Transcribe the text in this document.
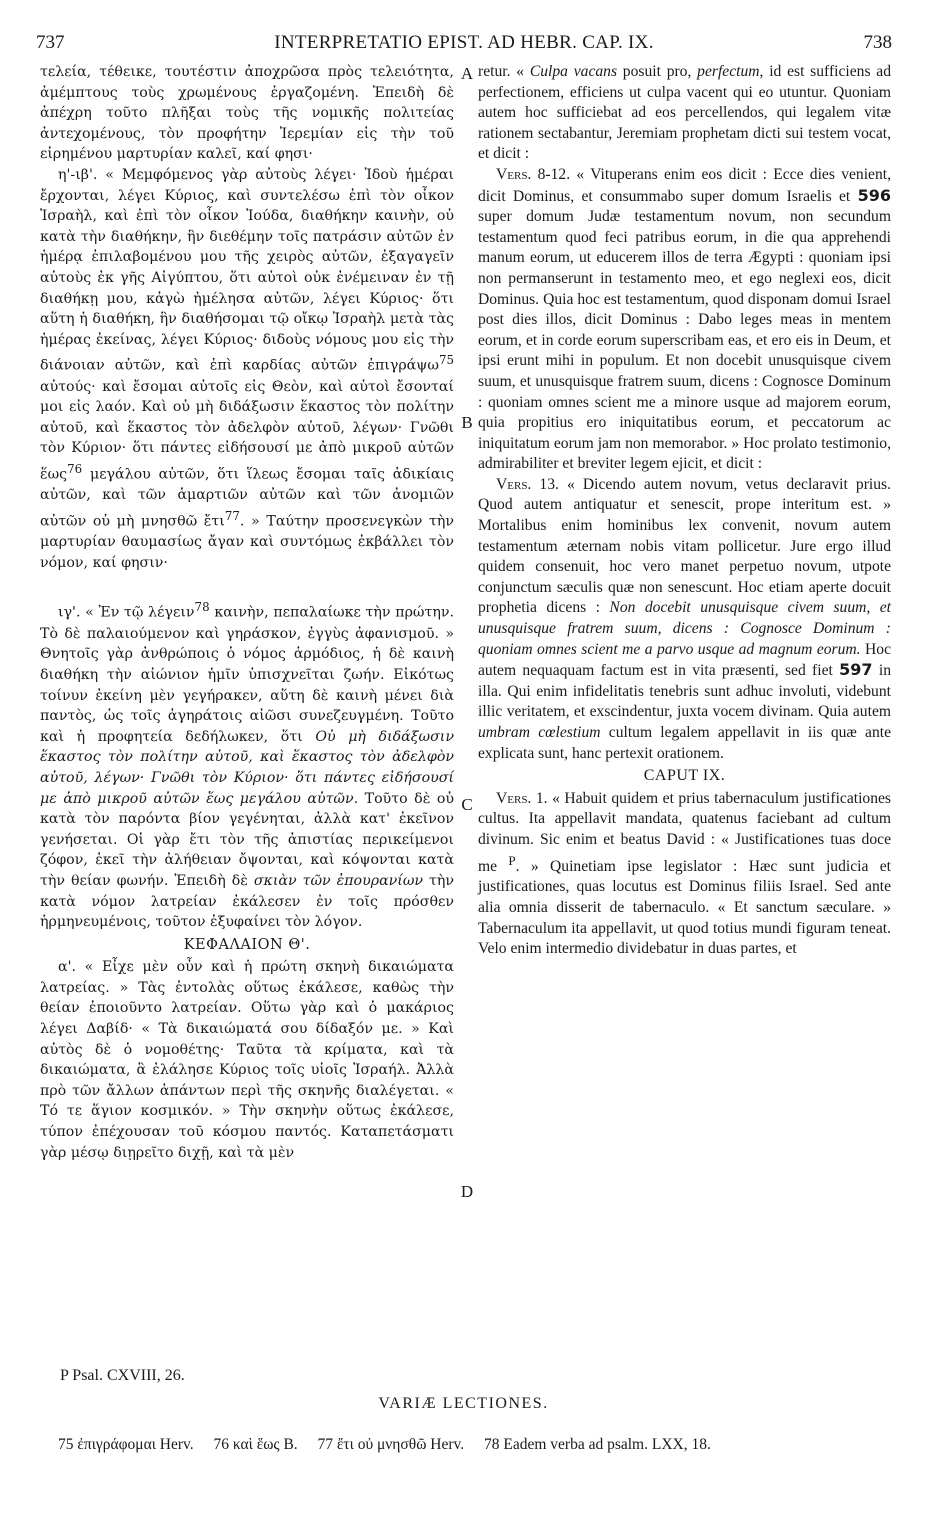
737	INTERPRETATIO EPIST. AD HEBR. CAP. IX.	738
A
B
C
D

τελεία, τέθεικε, τουτέστιν ἀποχρῶσα πρὸς τελειότητα, ἀμέμπτους τοὺς χρωμένους ἐργαζομένη. Ἐπειδὴ δὲ ἀπέχρη τοῦτο πλῆξαι τοὺς τῆς νομικῆς πολιτείας ἀντεχομένους, τὸν προφήτην Ἱερεμίαν εἰς τὴν τοῦ εἰρημένου μαρτυρίαν καλεῖ, καί φησι·

η'-ιβ'. « Μεμφόμενος γὰρ αὐτοὺς λέγει· Ἰδοὺ ἡμέραι ἔρχονται, λέγει Κύριος, καὶ συντελέσω ἐπὶ τὸν οἶκον Ἰσραὴλ, καὶ ἐπὶ τὸν οἶκον Ἰούδα, διαθήκην καινὴν, οὐ κατὰ τὴν διαθήκην, ἣν διεθέμην τοῖς πατράσιν αὐτῶν ἐν ἡμέρᾳ ἐπιλαβομένου μου τῆς χειρὸς αὐτῶν, ἐξαγαγεῖν αὐτοὺς ἐκ γῆς Αἰγύπτου, ὅτι αὐτοὶ οὐκ ἐνέμειναν ἐν τῇ διαθήκῃ μου, κἀγὼ ἠμέλησα αὐτῶν, λέγει Κύριος· ὅτι αὕτη ἡ διαθήκη, ἣν διαθήσομαι τῷ οἴκῳ Ἰσραὴλ μετὰ τὰς ἡμέρας ἐκείνας, λέγει Κύριος· διδοὺς νόμους μου εἰς τὴν διάνοιαν αὐτῶν, καὶ ἐπὶ καρδίας αὐτῶν ἐπιγράψω$^{75}$ αὐτούς· καὶ ἔσομαι αὐτοῖς εἰς Θεὸν, καὶ αὐτοὶ ἔσονταί μοι εἰς λαόν. Καὶ οὐ μὴ διδάξωσιν ἕκαστος τὸν πολίτην αὐτοῦ, καὶ ἕκαστος τὸν ἀδελφὸν αὐτοῦ, λέγων· Γνῶθι τὸν Κύριον· ὅτι πάντες εἰδήσουσί με ἀπὸ μικροῦ αὐτῶν ἕως$^{76}$ μεγάλου αὐτῶν, ὅτι ἵλεως ἔσομαι ταῖς ἀδικίαις αὐτῶν, καὶ τῶν ἁμαρτιῶν αὐτῶν καὶ τῶν ἀνομιῶν αὐτῶν οὐ μὴ μνησθῶ ἔτι$^{77}$. » Ταύτην προσενεγκὼν τὴν μαρτυρίαν θαυμασίως ἄγαν καὶ συντόμως ἐκβάλλει τὸν νόμον, καί φησιν·

ιγ'. « Ἐν τῷ λέγειν$^{78}$ καινὴν, πεπαλαίωκε τὴν πρώτην. Τὸ δὲ παλαιούμενον καὶ γηράσκον, ἐγγὺς ἀφανισμοῦ. » Θνητοῖς γὰρ ἀνθρώποις ὁ νόμος ἁρμόδιος, ἡ δὲ καινὴ διαθήκη τὴν αἰώνιον ἡμῖν ὑπισχνεῖται ζωήν. Εἰκότως τοίνυν ἐκείνη μὲν γεγήρακεν, αὕτη δὲ καινὴ μένει διὰ παντὸς, ὡς τοῖς ἀγηράτοις αἰῶσι συνεζευγμένη. Τοῦτο καὶ ἡ προφητεία δεδήλωκεν, ὅτι Οὐ μὴ διδάξωσιν ἕκαστος τὸν πολίτην αὐτοῦ, καὶ ἕκαστος τὸν ἀδελφὸν αὐτοῦ, λέγων· Γνῶθι τὸν Κύριον· ὅτι πάντες εἰδήσουσί με ἀπὸ μικροῦ αὐτῶν ἕως μεγάλου αὐτῶν. Τοῦτο δὲ οὐ κατὰ τὸν παρόντα βίον γεγένηται, ἀλλὰ κατ' ἐκεῖνον γενήσεται. Οἱ γὰρ ἔτι τὸν τῆς ἀπιστίας περικείμενοι ζόφον, ἐκεῖ τὴν ἀλήθειαν ὄψονται, καὶ κόψονται κατὰ τὴν θείαν φωνήν. Ἐπειδὴ δὲ σκιὰν τῶν ἐπουρανίων τὴν κατὰ νόμον λατρείαν ἐκάλεσεν ἐν τοῖς πρόσθεν ἡρμηνευμένοις, τοῦτον ἐξυφαίνει τὸν λόγον.

ΚΕΦΑΛΑΙΟΝ Θ'.

α'. « Εἶχε μὲν οὖν καὶ ἡ πρώτη σκηνὴ δικαιώματα λατρείας. » Τὰς ἐντολὰς οὕτως ἐκάλεσε, καθὼς τὴν θείαν ἐποιοῦντο λατρείαν. Οὕτω γὰρ καὶ ὁ μακάριος λέγει Δαβίδ· « Τὰ δικαιώματά σου δίδαξόν με. » Καὶ αὐτὸς δὲ ὁ νομοθέτης· Ταῦτα τὰ κρίματα, καὶ τὰ δικαιώματα, ἃ ἐλάλησε Κύριος τοῖς υἱοῖς Ἰσραήλ. Ἀλλὰ πρὸ τῶν ἄλλων ἁπάντων περὶ τῆς σκηνῆς διαλέγεται. « Τό τε ἅγιον κοσμικόν. » Τὴν σκηνὴν οὕτως ἐκάλεσε, τύπον ἐπέχουσαν τοῦ κόσμου παντός. Καταπετάσματι γὰρ μέσῳ διῃρεῖτο διχῇ, καὶ τὰ μὲν

retur. « Culpa vacans posuit pro, perfectum, id est sufficiens ad perfectionem, efficiens ut culpa vacent qui eo utuntur. Quoniam autem hoc sufficiebat ad eos percellendos, qui legalem vitæ rationem sectabantur, Jeremiam prophetam dicti sui testem vocat, et dicit :

Vers. 8-12. « Vituperans enim eos dicit : Ecce dies venient, dicit Dominus, et consummabo super domum Israelis et 596 super domum Judæ testamentum novum, non secundum testamentum quod feci patribus eorum, in die qua apprehendi manum eorum, ut educerem illos de terra Ægypti : quoniam ipsi non permanserunt in testamento meo, et ego neglexi eos, dicit Dominus. Quia hoc est testamentum, quod disponam domui Israel post dies illos, dicit Dominus : Dabo leges meas in mentem eorum, et in corde eorum superscribam eas, et ero eis in Deum, et ipsi erunt mihi in populum. Et non docebit unusquisque civem suum, et unusquisque fratrem suum, dicens : Cognosce Dominum : quoniam omnes scient me a minore usque ad majorem eorum, quia propitius ero iniquitatibus eorum, et peccatorum ac iniquitatum eorum jam non memorabor. » Hoc prolato testimonio, admirabiliter et breviter legem ejicit, et dicit :

Vers. 13. « Dicendo autem novum, vetus declaravit prius. Quod autem antiquatur et senescit, prope interitum est. » Mortalibus enim hominibus lex convenit, novum autem testamentum æternam nobis vitam pollicetur. Jure ergo illud quidem consenuit, hoc vero manet perpetuo novum, utpote conjunctum sæculis quæ non senescunt. Hoc etiam aperte docuit prophetia dicens : Non docebit unusquisque civem suum, et unusquisque fratrem suum, dicens : Cognosce Dominum : quoniam omnes scient me a parvo usque ad magnum eorum. Hoc autem nequaquam factum est in vita præsenti, sed fiet 597 in illa. Qui enim infidelitatis tenebris sunt adhuc involuti, videbunt illic veritatem, et exscindentur, juxta vocem divinam. Quia autem umbram cœlestium cultum legalem appellavit in iis quæ ante explicata sunt, hanc pertexit orationem.

CAPUT IX.

Vers. 1. « Habuit quidem et prius tabernaculum justificationes cultus. Ita appellavit mandata, quatenus faciebant ad cultum divinum. Sic enim et beatus David : « Justificationes tuas doce me $^P$. » Quinetiam ipse legislator : Hæc sunt judicia et justificationes, quas locutus est Dominus filiis Israel. Sed ante alia omnia disserit de tabernaculo. « Et sanctum sæculare. » Tabernaculum ita appellavit, ut quod totius mundi figuram teneat. Velo enim intermedio dividebatur in duas partes, et

P Psal. CXVIII, 26.
VARIÆ LECTIONES.
75 ἐπιγράφομαι Herv. 76 καὶ ἕως B. 77 ἔτι οὐ μνησθῶ Herv. 78 Eadem verba ad psalm. LXX, 18.
